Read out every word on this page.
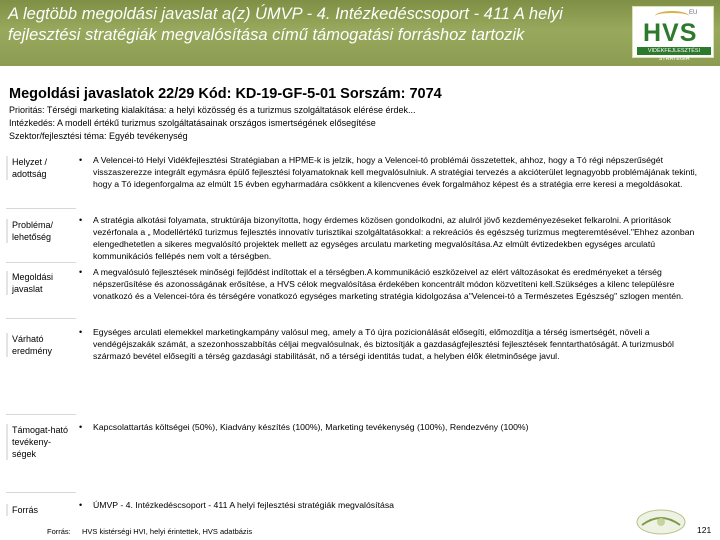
A legtöbb megoldási javaslat a(z) ÚMVP - 4. Intézkedéscsoport - 411 A helyi fejlesztési stratégiák megvalósítása című támogatási forráshoz tartozik
EU
HVS
VIDÉKFEJLESZTÉSI STRATÉGIA
Megoldási javaslatok 22/29 Kód: KD-19-GF-5-01 Sorszám: 7074
Prioritás: Térségi marketing kialakítása: a helyi közösség és a turizmus szolgáltatások elérése érdek...
Intézkedés: A modell értékű turizmus szolgáltatásainak országos ismertségének elősegítése
Szektor/fejlesztési téma: Egyéb tevékenység
Helyzet / adottság
• A Velencei-tó Helyi Vidékfejlesztési Stratégiaban a HPME-k is jelzik, hogy a Velencei-tó problémái összetettek, ahhoz, hogy a Tó régi népszerűségét visszaszerezze integrált egymásra épülő fejlesztési folyamatoknak kell megvalósulniuk. A stratégiai tervezés a akcióterület legnagyobb problémájának tekinti, hogy a Tó idegenforgalma az elmúlt 15 évben egyharmadára csökkent a kilencvenes évek forgalmához képest és a stratégia erre keresi a megoldásokat.
Probléma/ lehetőség
• A stratégia alkotási folyamata, struktúrája bizonyította, hogy érdemes közösen gondolkodni, az alulról jövő kezdeményezéseket felkarolni. A prioritások vezérfonala a „ Modellértékű turizmus fejlesztés innovatív turisztikai szolgáltatásokkal: a rekreációs és egészség turizmus megteremtésével."Ehhez azonban elengedhetetlen a sikeres megvalósító projektek mellett az egységes arculatu marketing megvalósítása.Az elmúlt évtizedekben egységes arculatú kommunikációs fellépés nem volt a térségben.
Megoldási javaslat
• A megvalósuló fejlesztések minőségi fejlődést indítottak el a térségben.A kommunikáció eszközeivel az elért változásokat és eredményeket a térség népszerűsítése és azonosságának erősítése, a HVS célok megvalósítása érdekében koncentrált módon közvetíteni kell.Szükséges a kilenc településre vonatkozó és a Velencei-tóra és térségére vonatkozó egységes marketing stratégia kidolgozása a"Velencei-tó a Természetes Egészség" szlogen mentén.
Várható eredmény
• Egységes arculati elemekkel marketingkampány valósul meg, amely a Tó újra pozicionálását elősegíti, előmozdítja a térség ismertségét, növeli a vendégéjszakák számát, a szezonhosszabbítás céljai megvalósulnak, és biztosítják a gazdaságfejlesztési fejlesztések fenntarthatóságát. A turizmusból származó bevétel elősegíti a térség gazdasági stabilitását, nő a térségi identitás tudat, a helyben élők életminősége javul.
Támogat-ható tevékeny-ségek
• Kapcsolattartás költségei (50%), Kiadvány készítés (100%), Marketing tevékenység (100%), Rendezvény (100%)
Forrás	• ÚMVP - 4. Intézkedéscsoport - 411 A helyi fejlesztési stratégiák megvalósítása
Forrás: HVS kistérségi HVI, helyi érintettek, HVS adatbázis	121
